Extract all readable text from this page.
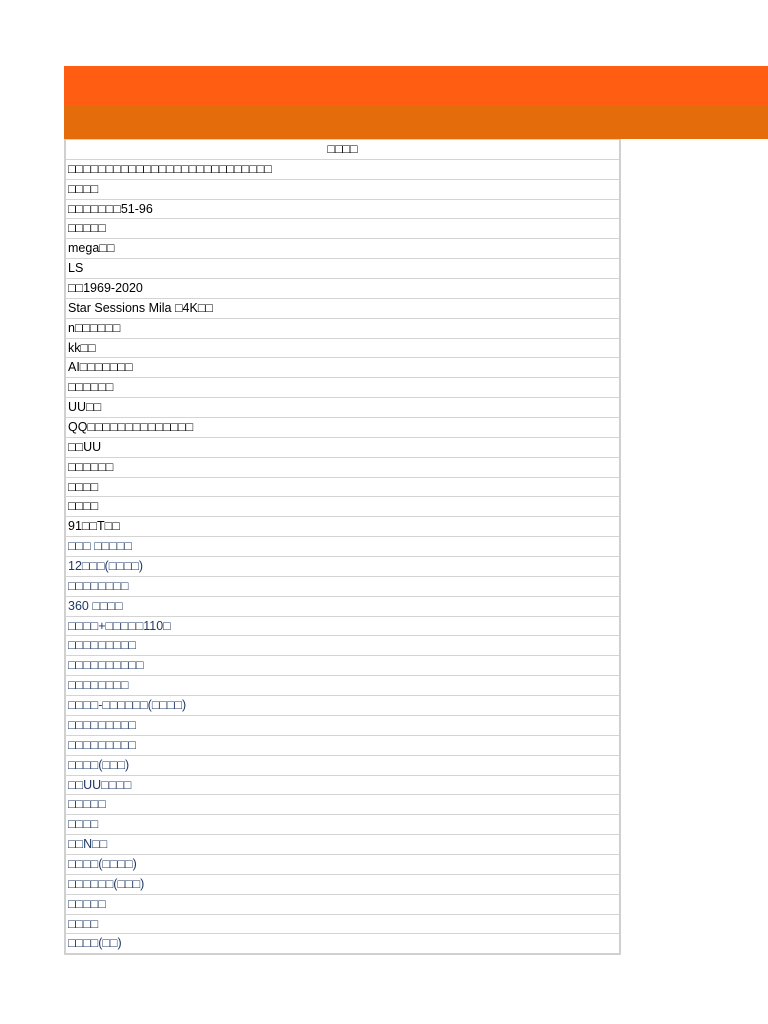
□□□□
□□□□□□□□□□□□□□□□□□□□□□□□□□□
□□□□
□□□□□□□51-96
□□□□□
mega□□
LS
□□1969-2020
Star Sessions Mila □4K□□
n□□□□□□
kk□□
AI□□□□□□□
□□□□□□
UU□□
QQ□□□□□□□□□□□□□□
□□UU
□□□□□□
□□□□
□□□□
91□□T□□
□□□ □□□□□
12□□□(□□□□)
□□□□□□□□
360 □□□□
□□□□+□□□□□110□
□□□□□□□□□
□□□□□□□□□□
□□□□□□□□
□□□□-□□□□□□(□□□□)
□□□□□□□□□
□□□□□□□□□
□□□□(□□□)
□□UU□□□□
□□□□□
□□□□
□□N□□
□□□□(□□□□)
□□□□□□(□□□)
□□□□□
□□□□
□□□□(□□)
